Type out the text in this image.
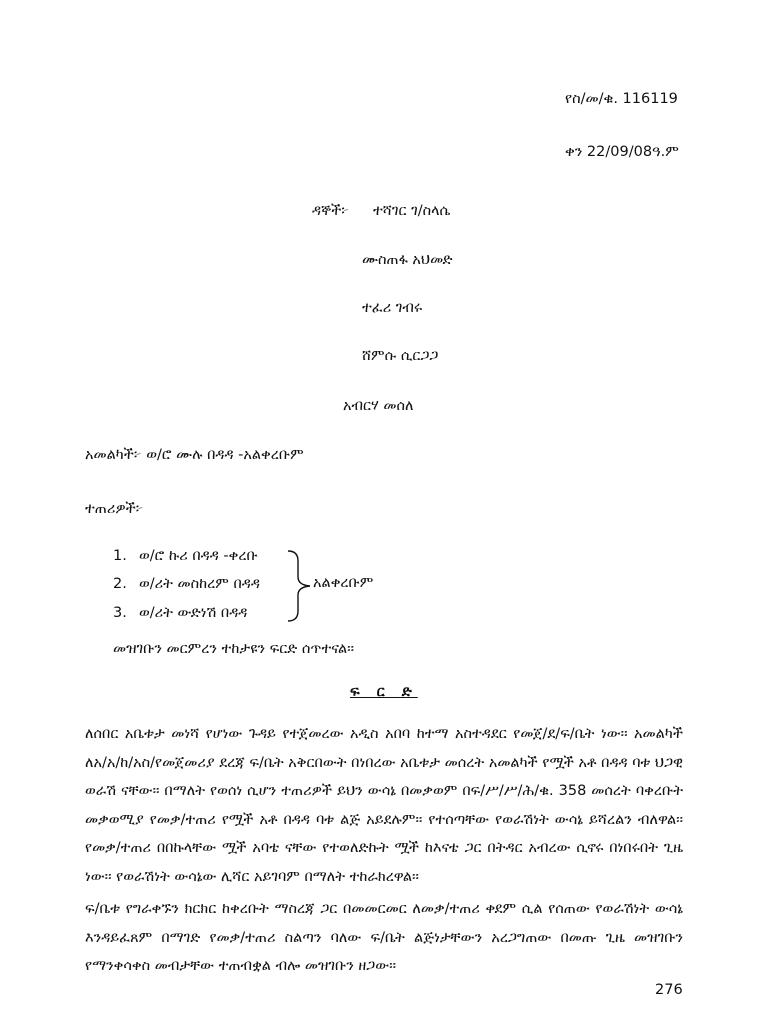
የስ/መ/ቁ. 116119
ቀን 22/09/08ዓ.ም
ዳኞች፦ ተሻገር ገ/ስላሴ
ሙስጠፋ አህመድ
ተፈሪ ገብሩ
ሸምሱ ሲርጋጋ
አብርሃ መሰለ
አመልካች፦ ወ/ሮ ሙሉ በዳዳ -አልቀረቡም
ተጠሪዎች፦
1. ወ/ሮ ኩሪ በዳዳ -ቀረቡ
2. ወ/ሪት መስከረም በዳዳ
3. ወ/ሪት ውድነሽ በዳዳ
አልቀረቡም
መዝገቡን መርምረን ተከታዩን ፍርድ ሰጥተናል፡፡
ፍ ር ድ
ለሰበር አቤቱታ መነሻ የሆነው ጉዳይ የተጀመረው አዲስ አበባ ከተማ አስተዳደር የመጀ/ደ/ፍ/ቤት ነው፡፡ አመልካች ለአ/አ/ከ/አስ/የመጀመሪያ ደረጃ ፍ/ቤት አቅርበውት በነበረው አቤቱታ መሰረት አመልካች የሟች አቶ በዳዳ ባቱ ህጋዊ ወራሽ ናቸው፡፡ በማለት የወሰነ ሲሆን ተጠሪዎች ይህን ውሳኔ በመቃወም በፍ/ሥ/ሥ/ሕ/ቁ. 358 መሰረት ባቀረቡት መቃወሚያ የመቃ/ተጠሪ የሟች አቶ በዳዳ ባቱ ልጅ አይደሉም፡፡ የተሰጣቸው የወራሽነት ውሳኔ ይሻረልን ብለዋል፡፡ የመቃ/ተጠሪ በበኩላቸው ሟች አባቴ ናቸው የተወለድኩት ሟች ከእናቴ ጋር በትዳር አብረው ሲኖሩ በነበሩበት ጊዜ ነው፡፡ የወራሽነት ውሳኔው ሊሻር አይገባም በማለት ተከራክረዋል፡፡
ፍ/ቤቱ የግራቀኙን ክርክር ከቀረቡት ማስረጃ ጋር በመመርመር ለመቃ/ተጠሪ ቀደም ሲል የሰጠው የወራሽነት ውሳኔ እንዳይፈጸም በማገድ የመቃ/ተጠሪ ስልጣን ባለው ፍ/ቤት ልጅነታቸውን አረጋግጠው በመጡ ጊዜ መዝገቡን የማንቀሳቀስ መብታቸው ተጠብቋል ብሎ መዝገቡን ዘጋው፡፡
276
